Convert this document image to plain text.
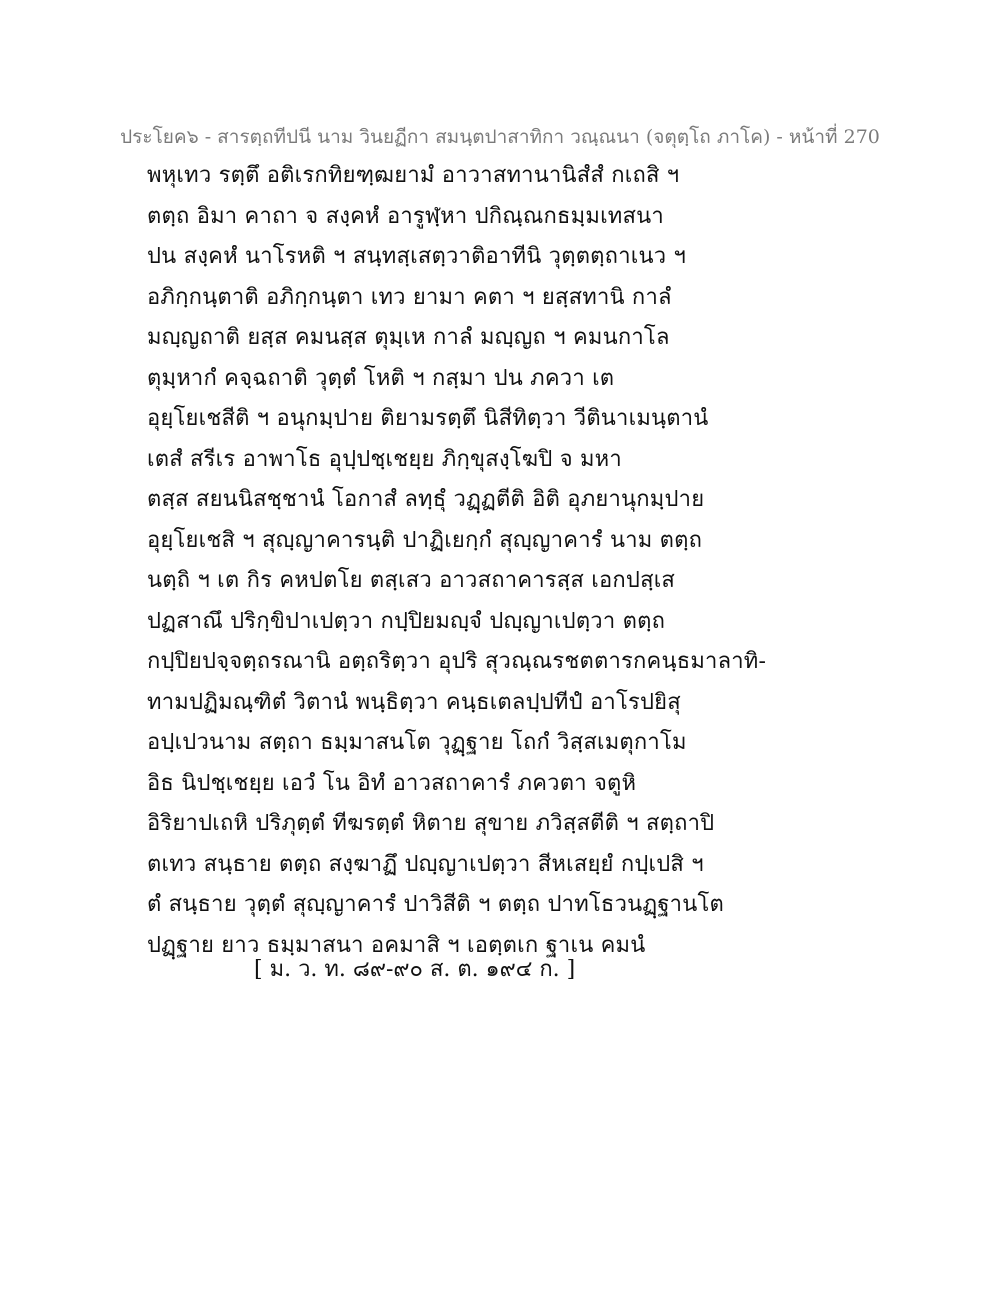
ประโยค๖ - สารตฺถทีปนี นาม วินยฏีกา สมนฺตปาสาทิกา วณฺณนา (จตุตฺโถ ภาโค) - หน้าที่ 270
พหุเทว รตฺตึ อติเรกทิยฑฺฒยามํ อาวาสทานานิสํสํ กเถสิ ฯ
ตตฺถ อิมา คาถา จ สงฺคหํ อารูฬฺหา ปกิณฺณกธมฺมเทสนา
ปน สงฺคหํ นาโรหติ ฯ สนฺทสฺเสตฺวาติอาทีนิ วุตฺตตฺถาเนว ฯ
อภิกฺกนฺตาติ อภิกฺกนฺตา เทว ยามา คตา ฯ ยสฺสทานิ กาลํ
มญฺญถาติ ยสฺส คมนสฺส ตุมฺเห กาลํ มญฺญถ ฯ คมนกาโล
ตุมฺหากํ คจฺฉถาติ วุตฺตํ โหติ ฯ กสฺมา ปน ภควา เต
อุยฺโยเชสีติ ฯ อนุกมฺปาย ติยามรตฺตึ นิสีทิตฺวา วีตินาเมนฺตานํ
เตสํ สรีเร อาพาโธ อุปฺปชฺเชยฺย ภิกฺขุสงฺโฆปิ จ มหา
ตสฺส สยนนิสชฺชานํ โอกาสํ ลทฺธุํ วฏฺฏตีติ อิติ อุภยานุกมฺปาย
อุยฺโยเชสิ ฯ สุญฺญาคารนฺติ ปาฏิเยกฺกํ สุญฺญาคารํ นาม ตตฺถ
นตฺถิ ฯ เต กิร คหปตโย ตสฺเสว อาวสถาคารสฺส เอกปสฺเส
ปฏสาณึ ปริกฺขิปาเปตฺวา กปฺปิยมญฺจํ ปญฺญาเปตฺวา ตตฺถ
กปฺปิยปจฺจตฺถรณานิ อตฺถริตฺวา อุปริ สุวณฺณรชตตารกคนฺธมาลาทิ-
ทามปฏิมณฺฑิตํ วิตานํ พนฺธิตฺวา คนฺธเตลปฺปทีปํ อาโรปยิสุ
อปฺเปวนาม สตฺถา ธมฺมาสนโต วุฏฺฐาย โถกํ วิสฺสเมตุกาโม
อิธ นิปชฺเชยฺย เอวํ โน อิทํ อาวสถาคารํ ภควตา จตูหิ
อิริยาปเถหิ ปริภุตฺตํ ทีฆรตฺตํ หิตาย สุขาย ภวิสฺสตีติ ฯ สตฺถาปิ
ตเทว สนฺธาย ตตฺถ สงฺฆาฏึ ปญฺญาเปตฺวา สีหเสยฺยํ กปฺเปสิ ฯ
ตํ สนฺธาย วุตฺตํ สุญฺญาคารํ ปาวิสีติ ฯ ตตฺถ ปาทโธวนฏฺฐานโต
ปฏฺฐาย ยาว ธมฺมาสนา อคมาสิ ฯ เอตฺตเก ฐาเน คมนํ
[ ม. ว. ท. ๘๙-๙๐ ส. ต. ๑๙๔ ก. ]
